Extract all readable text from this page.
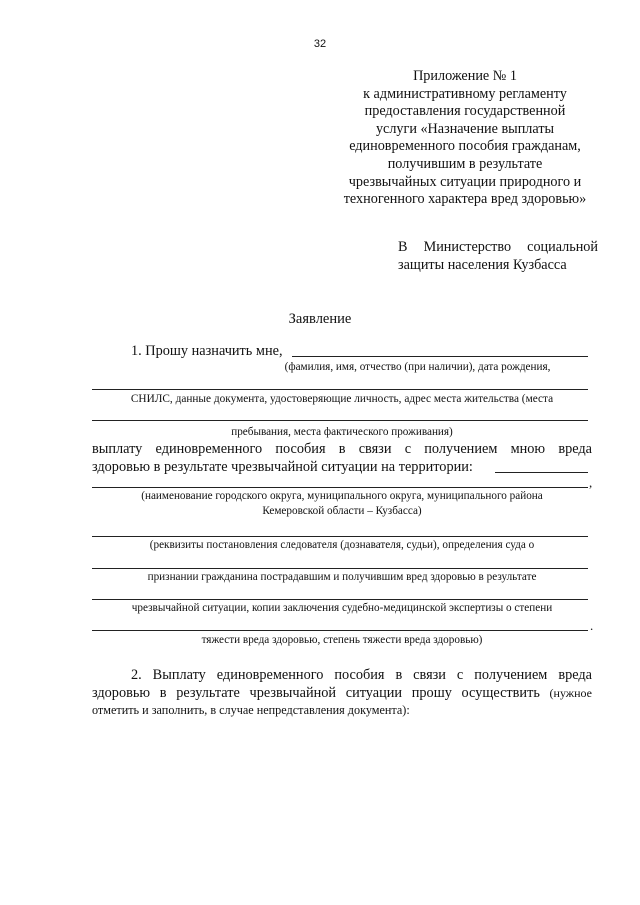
32
Приложение № 1
к административному регламенту
предоставления государственной
услуги «Назначение выплаты
единовременного пособия гражданам,
получившим в результате
чрезвычайных ситуации природного и
техногенного характера вред здоровью»
В Министерство социальной
защиты населения Кузбасса
Заявление
1. Прошу назначить мне,
(фамилия, имя, отчество (при наличии), дата рождения,
СНИЛС, данные документа, удостоверяющие личность, адрес места жительства (места
пребывания, места фактического проживания)
выплату единовременного пособия в связи с получением мною вреда
здоровью в результате чрезвычайной ситуации на территории:
,
(наименование городского округа, муниципального округа, муниципального района
Кемеровской области – Кузбасса)
(реквизиты постановления следователя (дознавателя, судьи), определения суда о
признании гражданина пострадавшим и получившим вред здоровью в результате
чрезвычайной ситуации, копии заключения судебно-медицинской экспертизы о степени
.
тяжести вреда здоровью, степень тяжести вреда здоровью)
2. Выплату единовременного пособия в связи с получением вреда
здоровью в результате чрезвычайной ситуации прошу осуществить (нужное
отметить и заполнить, в случае непредставления документа):
